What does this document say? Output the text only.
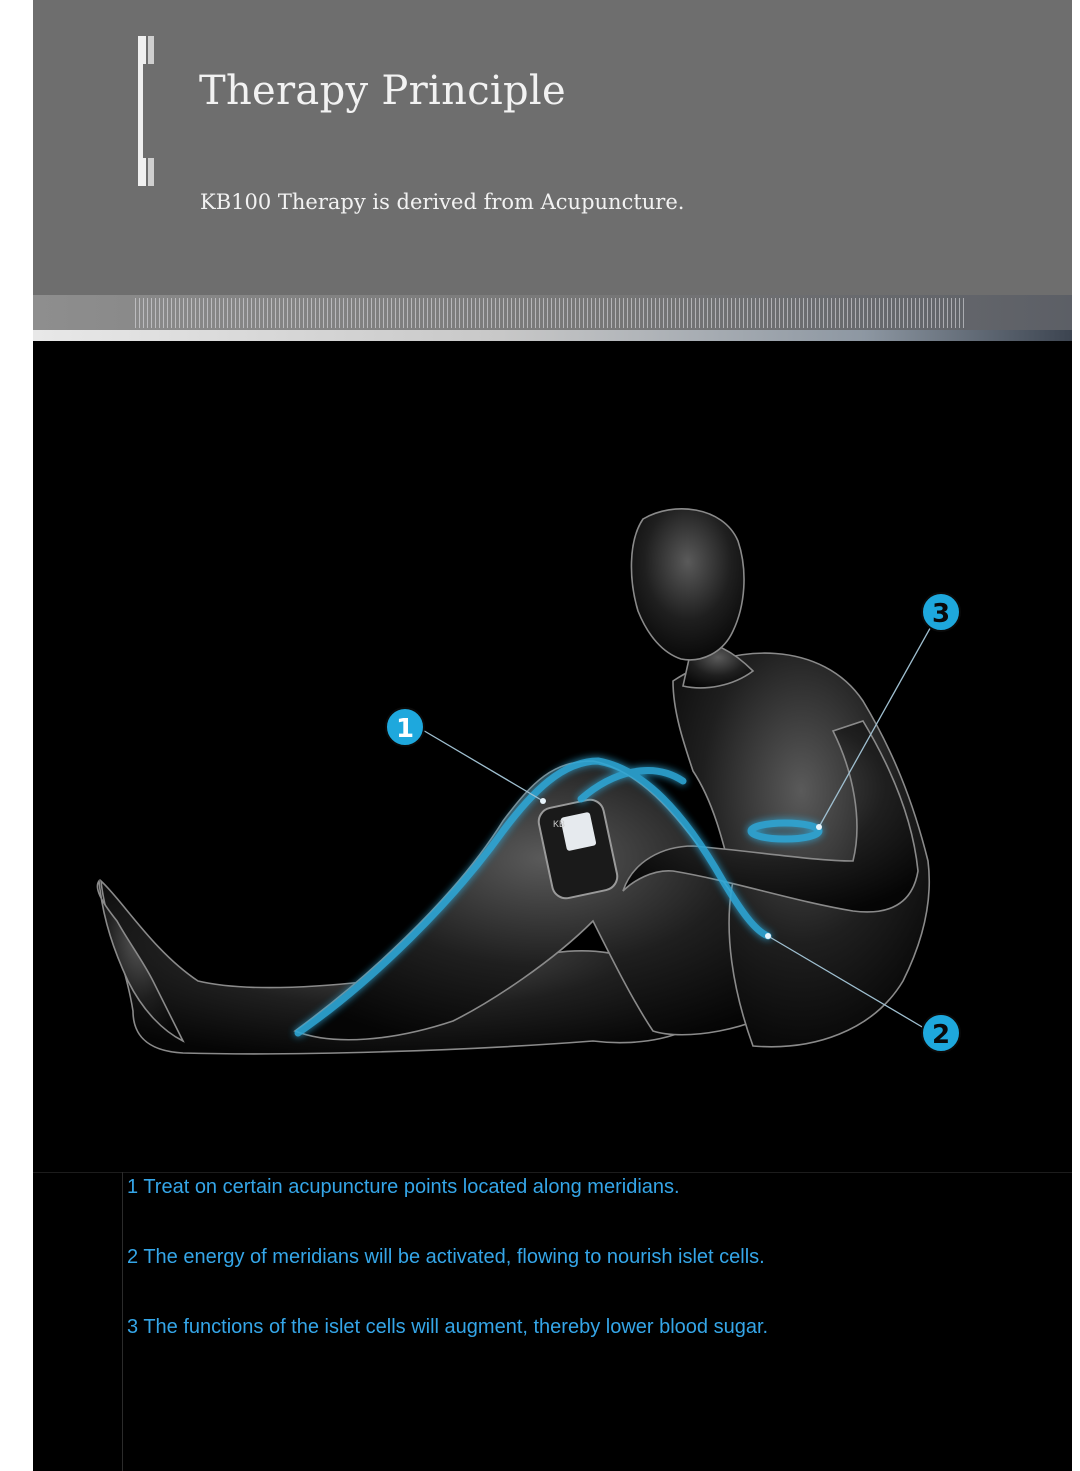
Therapy Principle

KB100 Therapy is derived from Acupuncture.

KB
1
2
3
1 Treat on certain acupuncture points located along meridians.
2 The energy of meridians will be activated, flowing to nourish islet cells.
3 The functions of the islet cells will augment, thereby lower blood sugar.
